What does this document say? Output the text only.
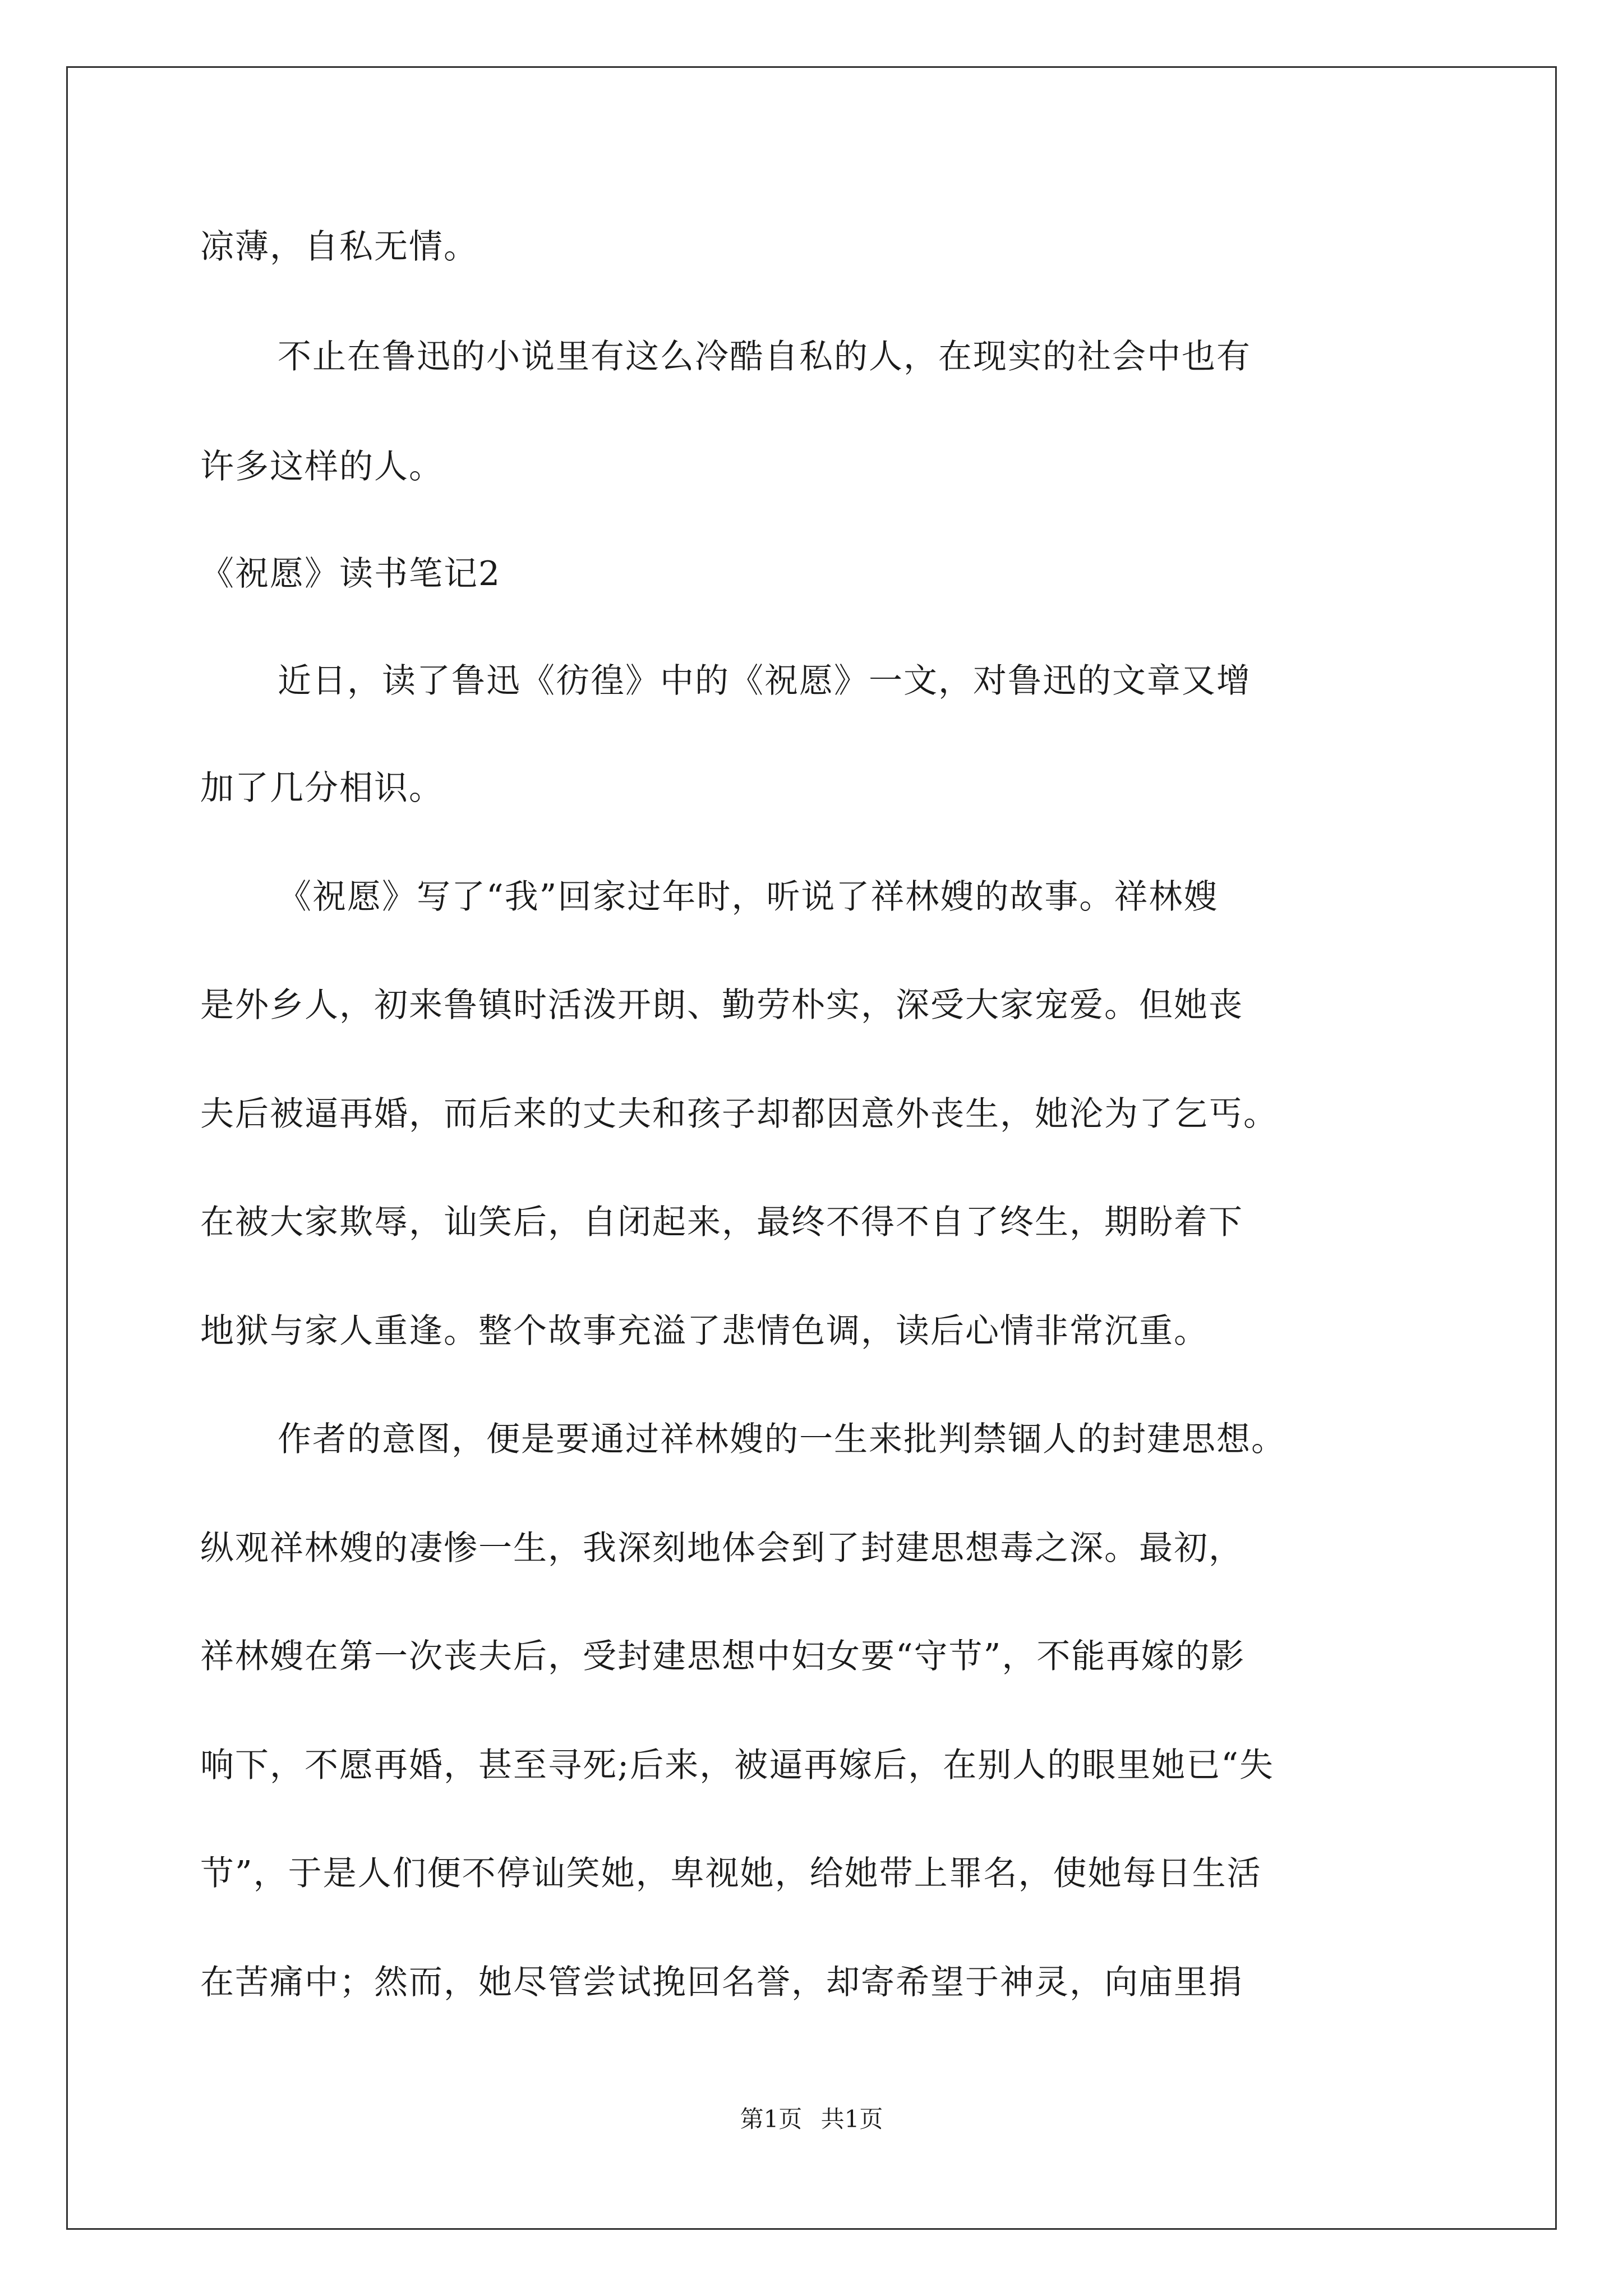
凉薄，自私无情。
不止在鲁迅的小说里有这么冷酷自私的人，在现实的社会中也有
许多这样的人。
《祝愿》读书笔记2
近日，读了鲁迅《彷徨》中的《祝愿》一文，对鲁迅的文章又增
加了几分相识。
《祝愿》写了“我”回家过年时，听说了祥林嫂的故事。祥林嫂
是外乡人，初来鲁镇时活泼开朗、勤劳朴实，深受大家宠爱。但她丧
夫后被逼再婚，而后来的丈夫和孩子却都因意外丧生，她沦为了乞丐。
在被大家欺辱，讪笑后，自闭起来，最终不得不自了终生，期盼着下
地狱与家人重逢。整个故事充溢了悲情色调，读后心情非常沉重。
作者的意图，便是要通过祥林嫂的一生来批判禁锢人的封建思想。
纵观祥林嫂的凄惨一生，我深刻地体会到了封建思想毒之深。最初，
祥林嫂在第一次丧夫后，受封建思想中妇女要“守节”，不能再嫁的影
响下，不愿再婚，甚至寻死;后来，被逼再嫁后，在别人的眼里她已“失
节”，于是人们便不停讪笑她，卑视她，给她带上罪名，使她每日生活
在苦痛中；然而，她尽管尝试挽回名誉，却寄希望于神灵，向庙里捐
第1页 共1页
